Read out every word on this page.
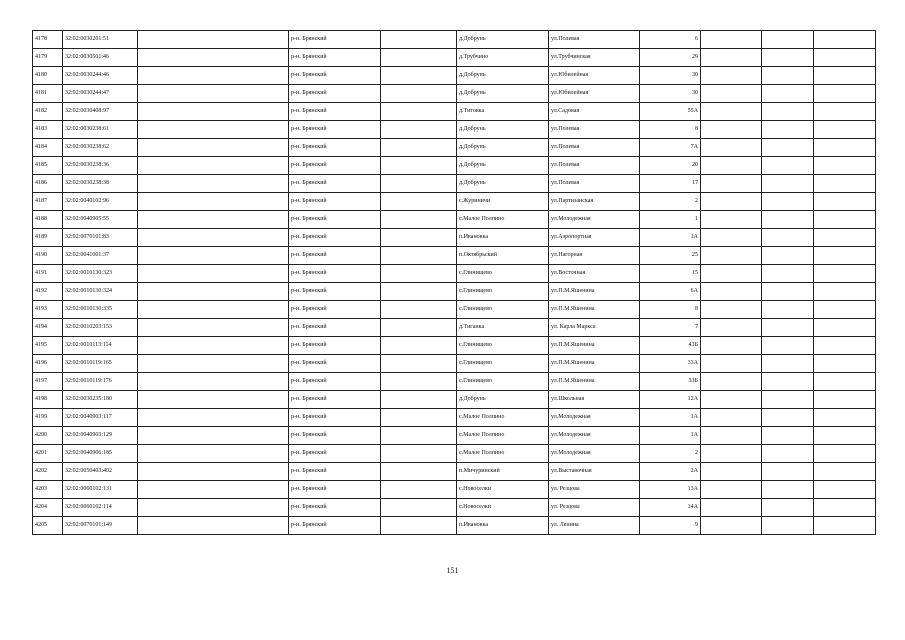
4178	32:02:0030201:51		р-н. Брянский		д.Добрунь	ул.Полевая	6			
4179	32:02:0030501:46		р-н. Брянский		д.Трубчино	ул.Трубчинская	29			
4180	32:02:0030244:46		р-н. Брянский		д.Добрунь	ул.Юбилейная	30			
4181	32:02:0030244:47		р-н. Брянский		д.Добрунь	ул.Юбилейная	30			
4182	32:02:0030408:97		р-н. Брянский		д.Титовка	ул.Садовая	55А			
4183	32:02:0030238:61		р-н. Брянский		д.Добрунь	ул.Полевая	8			
4184	32:02:0030238:62		р-н. Брянский		д.Добрунь	ул.Полевая	7А			
4185	32:02:0030238:36		р-н. Брянский		д.Добрунь	ул.Полевая	20			
4186	32:02:0030238:38		р-н. Брянский		д.Добрунь	ул.Полевая	17			
4187	32:02:0040102:96		р-н. Брянский		с.Журиничи	ул.Партизанская	2			
4188	32:02:0040905:55		р-н. Брянский		с.Малое Полпино	ул.Молодежная	1			
4189	32:02:0070101:83		р-н. Брянский		п.Ивановка	ул.Аэропортная	1А			
4190	32:02:0041001:37		р-н. Брянский		п.Октябрьский	ул.Нагорная	25			
4191	32:02:0010130:323		р-н. Брянский		с.Глинищево	ул.Восточная	15			
4192	32:02:0010130:324		р-н. Брянский		с.Глинищево	ул.П.М.Яшенина	6А			
4193	32:02:0010130:335		р-н. Брянский		с.Глинищево	ул.П.М.Яшенина	8			
4194	32:02:0010203:153		р-н. Брянский		д.Тиганка	ул. Карла Маркса	7			
4195	32:02:0010113:114		р-н. Брянский		с.Глинищево	ул.П.М.Яшенина	43Б			
4196	32:02:0010119:165		р-н. Брянский		с.Глинищево	ул.П.М.Яшенина	33А			
4197	32:02:0010119:176		р-н. Брянский		с.Глинищево	ул.П.М.Яшенина	33Б			
4198	32:02:0030235:180		р-н. Брянский		д.Добрунь	ул.Школьная	12А			
4199	32:02:0040903:117		р-н. Брянский		с.Малое Полпино	ул.Молодежная	1А			
4200	32:02:0040903:129		р-н. Брянский		с.Малое Полпино	ул.Молодежная	1А			
4201	32:02:0040906:185		р-н. Брянский		с.Малое Полпино	ул.Молодежная	2			
4202	32:02:0050403:402		р-н. Брянский		п.Мичуринский	ул.Выставочная	2А			
4203	32:02:0060102:131		р-н. Брянский		с.Новоселки	ул. Резцова	13А			
4204	32:02:0060102:114		р-н. Брянский		с.Новоселки	ул. Резцова	14А			
4205	32:02:0070101:149		р-н. Брянский		п.Ивановка	ул. Ленина	9			
151
